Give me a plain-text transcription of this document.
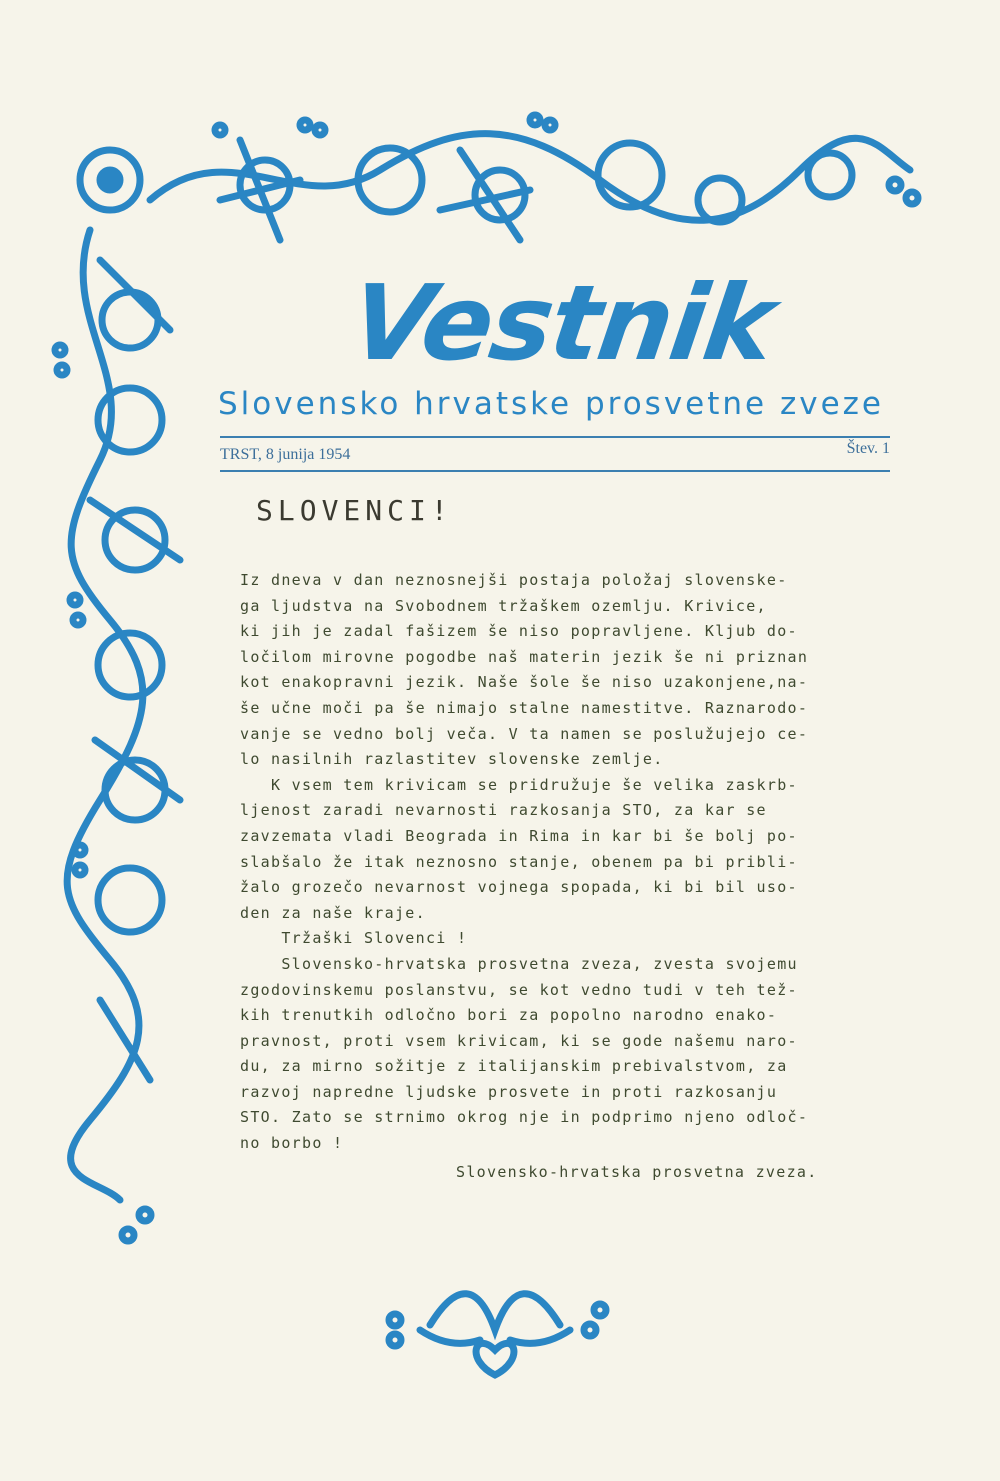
Vestnik
Slovensko hrvatske prosvetne zveze
TRST, 8 junija 1954	Štev. 1
SLOVENCI!
Iz dneva v dan neznosnejši postaja položaj slovenske-
ga ljudstva na Svobodnem tržaškem ozemlju. Krivice,
ki jih je zadal fašizem še niso popravljene. Kljub do-
ločilom mirovne pogodbe naš materin jezik še ni priznan
kot enakopravni jezik. Naše šole še niso uzakonjene,na-
še učne moči pa še nimajo stalne namestitve. Raznarodo-
vanje se vedno bolj veča. V ta namen se poslužujejo ce-
lo nasilnih razlastitev slovenske zemlje.
K vsem tem krivicam se pridružuje še velika zaskrb-
ljenost zaradi nevarnosti razkosanja STO, za kar se
zavzemata vladi Beograda in Rima in kar bi še bolj po-
slabšalo že itak neznosno stanje, obenem pa bi pribli-
žalo grozečo nevarnost vojnega spopada, ki bi bil uso-
den za naše kraje.
Tržaški Slovenci !
Slovensko-hrvatska prosvetna zveza, zvesta svojemu
zgodovinskemu poslanstvu, se kot vedno tudi v teh tež-
kih trenutkih odločno bori za popolno narodno enako-
pravnost, proti vsem krivicam, ki se gode našemu naro-
du, za mirno sožitje z italijanskim prebivalstvom, za
razvoj napredne ljudske prosvete in proti razkosanju
STO. Zato se strnimo okrog nje in podprimo njeno odloč-
no borbo !
Slovensko-hrvatska prosvetna zveza.
